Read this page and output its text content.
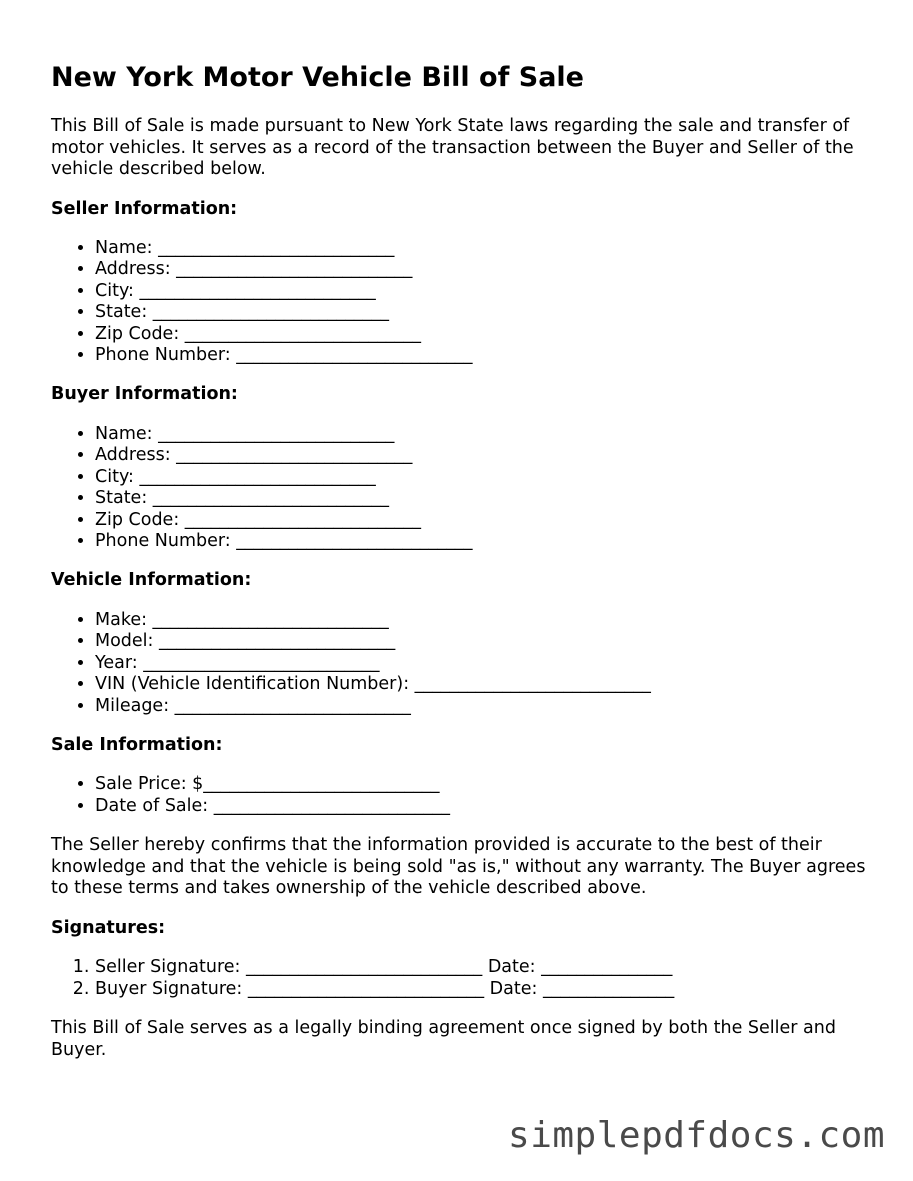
New York Motor Vehicle Bill of Sale

This Bill of Sale is made pursuant to New York State laws regarding the sale and transfer of motor vehicles. It serves as a record of the transaction between the Buyer and Seller of the vehicle described below.

Seller Information:
• Name: ___________________________
• Address: ___________________________
• City: ___________________________
• State: ___________________________
• Zip Code: ___________________________
• Phone Number: ___________________________
Buyer Information:
• Name: ___________________________
• Address: ___________________________
• City: ___________________________
• State: ___________________________
• Zip Code: ___________________________
• Phone Number: ___________________________
Vehicle Information:
• Make: ___________________________
• Model: ___________________________
• Year: ___________________________
• VIN (Vehicle Identification Number): ___________________________
• Mileage: ___________________________
Sale Information:
• Sale Price: $___________________________
• Date of Sale: ___________________________

The Seller hereby confirms that the information provided is accurate to the best of their knowledge and that the vehicle is being sold "as is," without any warranty. The Buyer agrees to these terms and takes ownership of the vehicle described above.

Signatures:
1. Seller Signature: ___________________________ Date: _______________
2. Buyer Signature: ___________________________ Date: _______________

This Bill of Sale serves as a legally binding agreement once signed by both the Seller and Buyer.

simplepdfdocs.com
